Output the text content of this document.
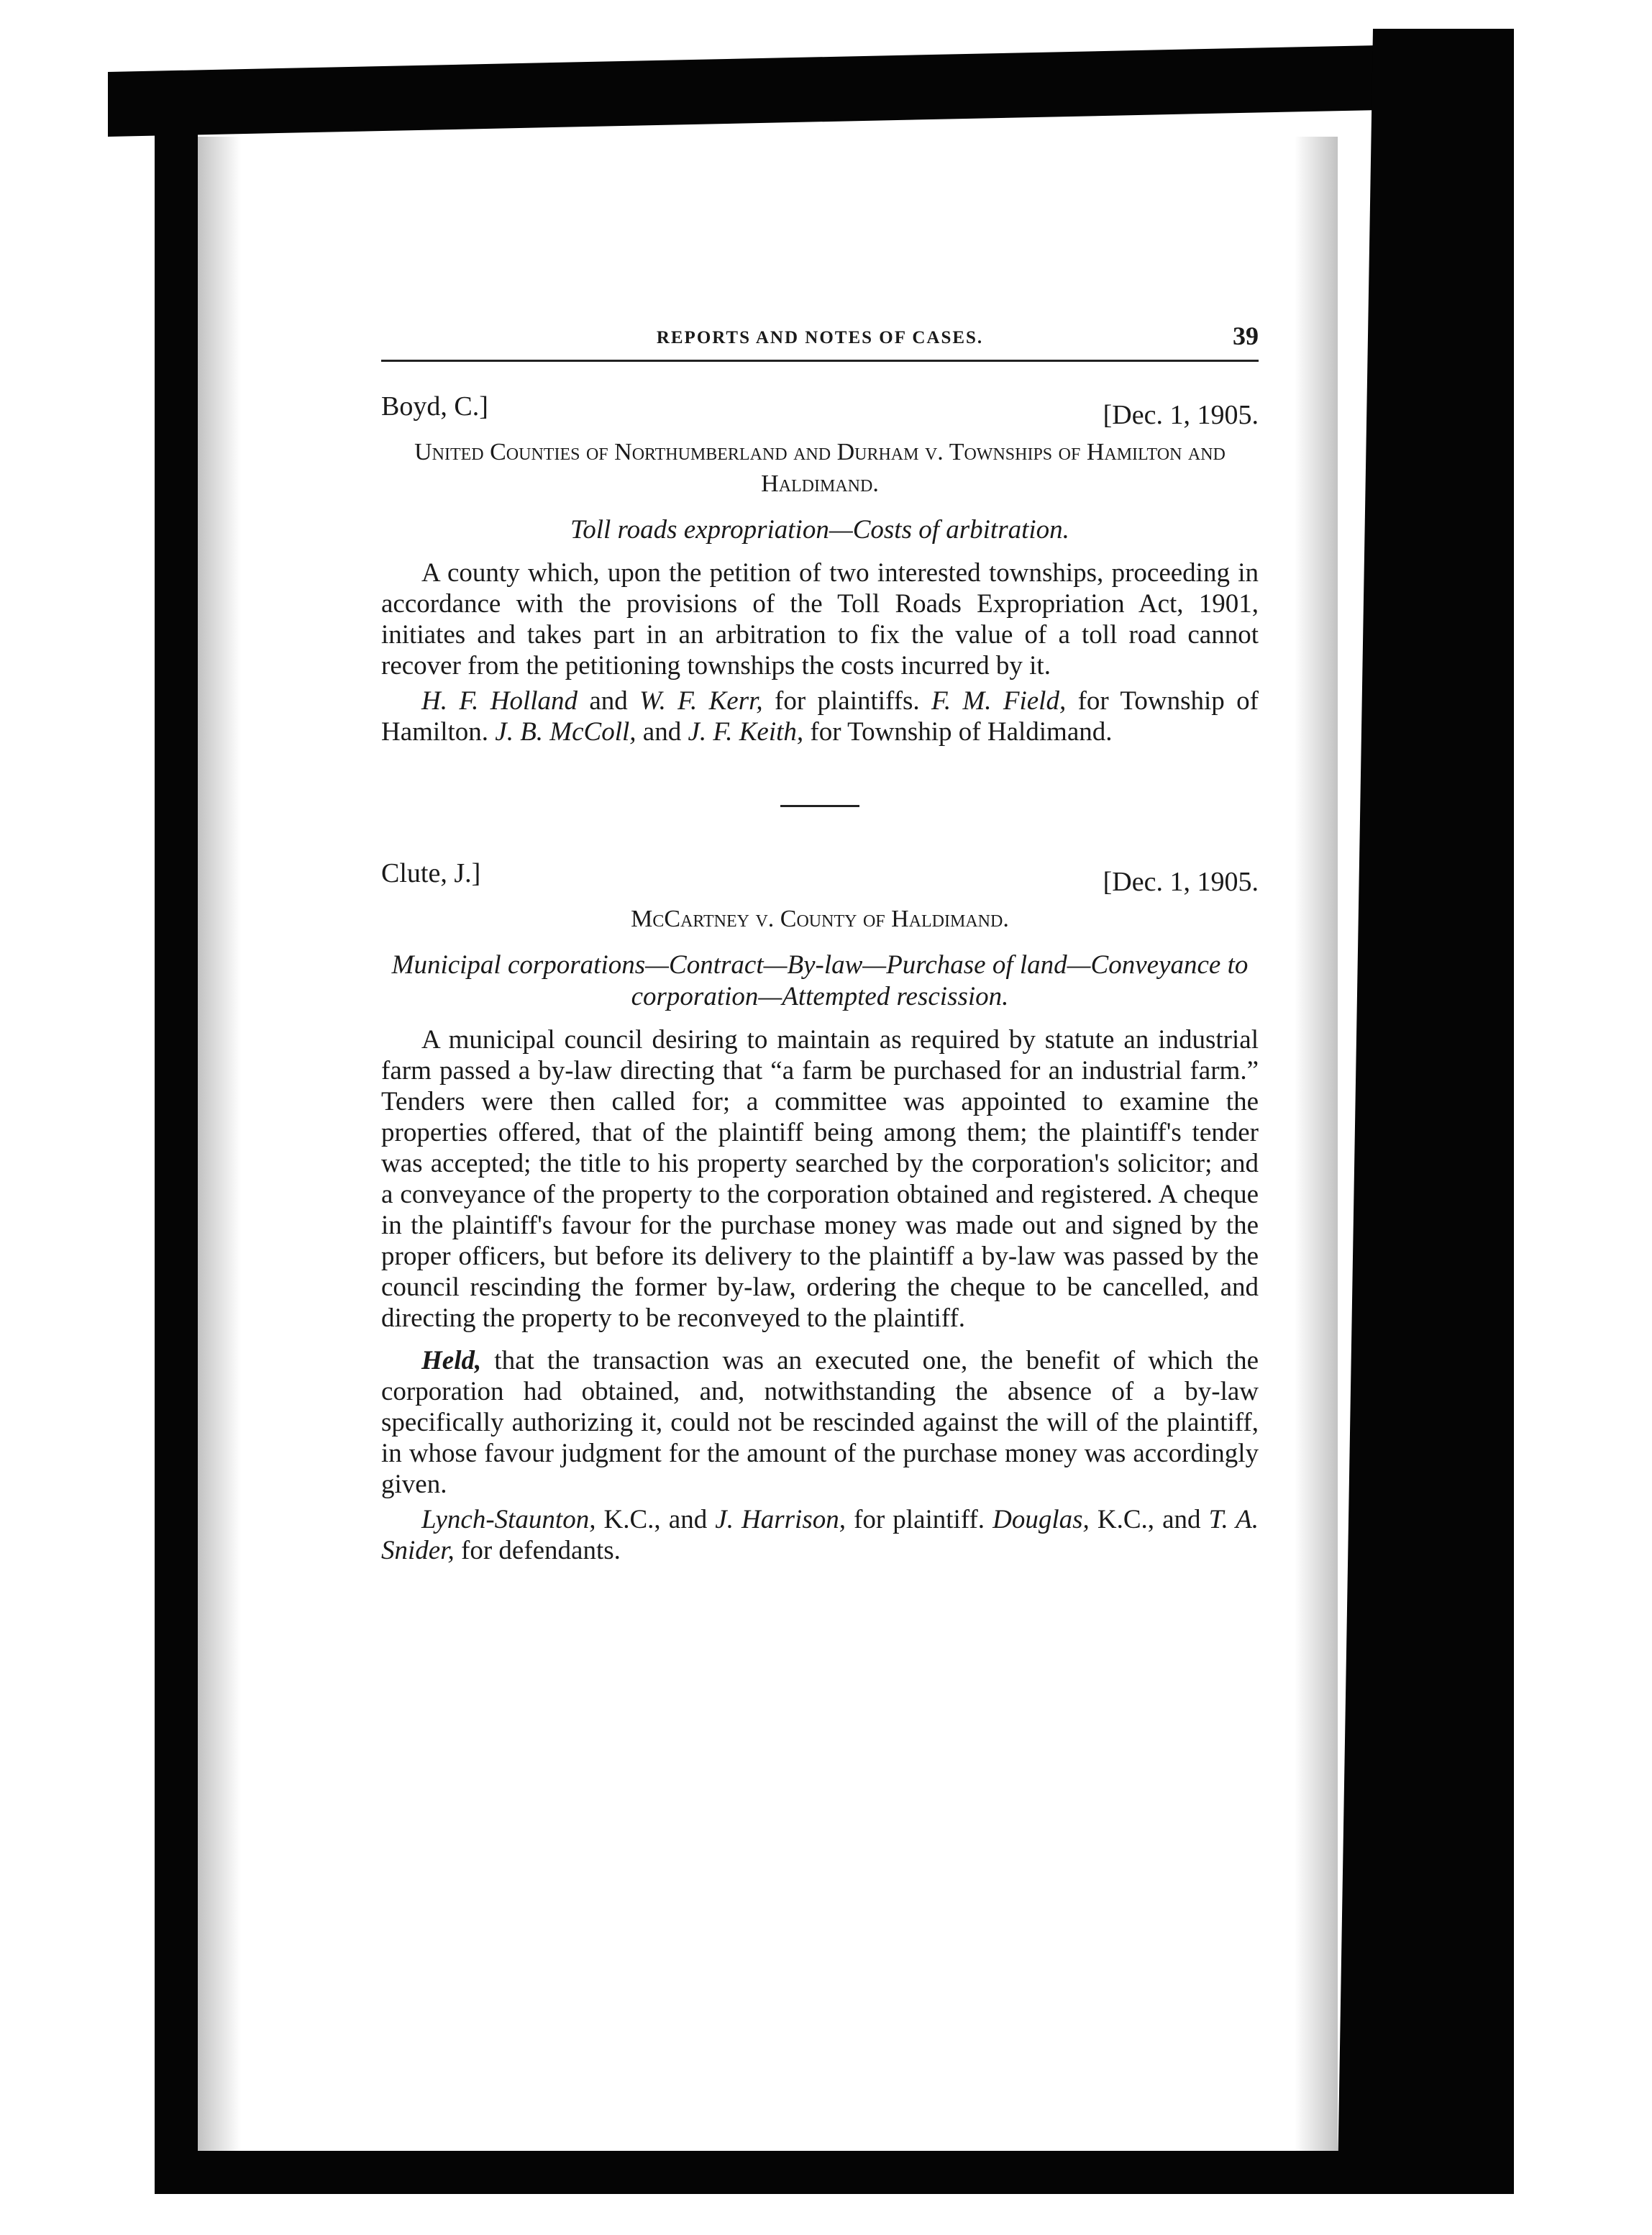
REPORTS AND NOTES OF CASES.	39
Boyd, C.]	[Dec. 1, 1905.
United Counties of Northumberland and Durham v. Townships of Hamilton and Haldimand.
Toll roads expropriation—Costs of arbitration.
A county which, upon the petition of two interested townships, proceeding in accordance with the provisions of the Toll Roads Expropriation Act, 1901, initiates and takes part in an arbitration to fix the value of a toll road cannot recover from the petitioning townships the costs incurred by it.
H. F. Holland and W. F. Kerr, for plaintiffs. F. M. Field, for Township of Hamilton. J. B. McColl, and J. F. Keith, for Township of Haldimand.
Clute, J.]	[Dec. 1, 1905.
McCartney v. County of Haldimand.
Municipal corporations—Contract—By-law—Purchase of land—Conveyance to corporation—Attempted rescission.
A municipal council desiring to maintain as required by statute an industrial farm passed a by-law directing that “a farm be purchased for an industrial farm.” Tenders were then called for; a committee was appointed to examine the properties offered, that of the plaintiff being among them; the plaintiff's tender was accepted; the title to his property searched by the corporation's solicitor; and a conveyance of the property to the corporation obtained and registered. A cheque in the plaintiff's favour for the purchase money was made out and signed by the proper officers, but before its delivery to the plaintiff a by-law was passed by the council rescinding the former by-law, ordering the cheque to be cancelled, and directing the property to be reconveyed to the plaintiff.
Held, that the transaction was an executed one, the benefit of which the corporation had obtained, and, notwithstanding the absence of a by-law specifically authorizing it, could not be rescinded against the will of the plaintiff, in whose favour judgment for the amount of the purchase money was accordingly given.
Lynch-Staunton, K.C., and J. Harrison, for plaintiff. Douglas, K.C., and T. A. Snider, for defendants.
